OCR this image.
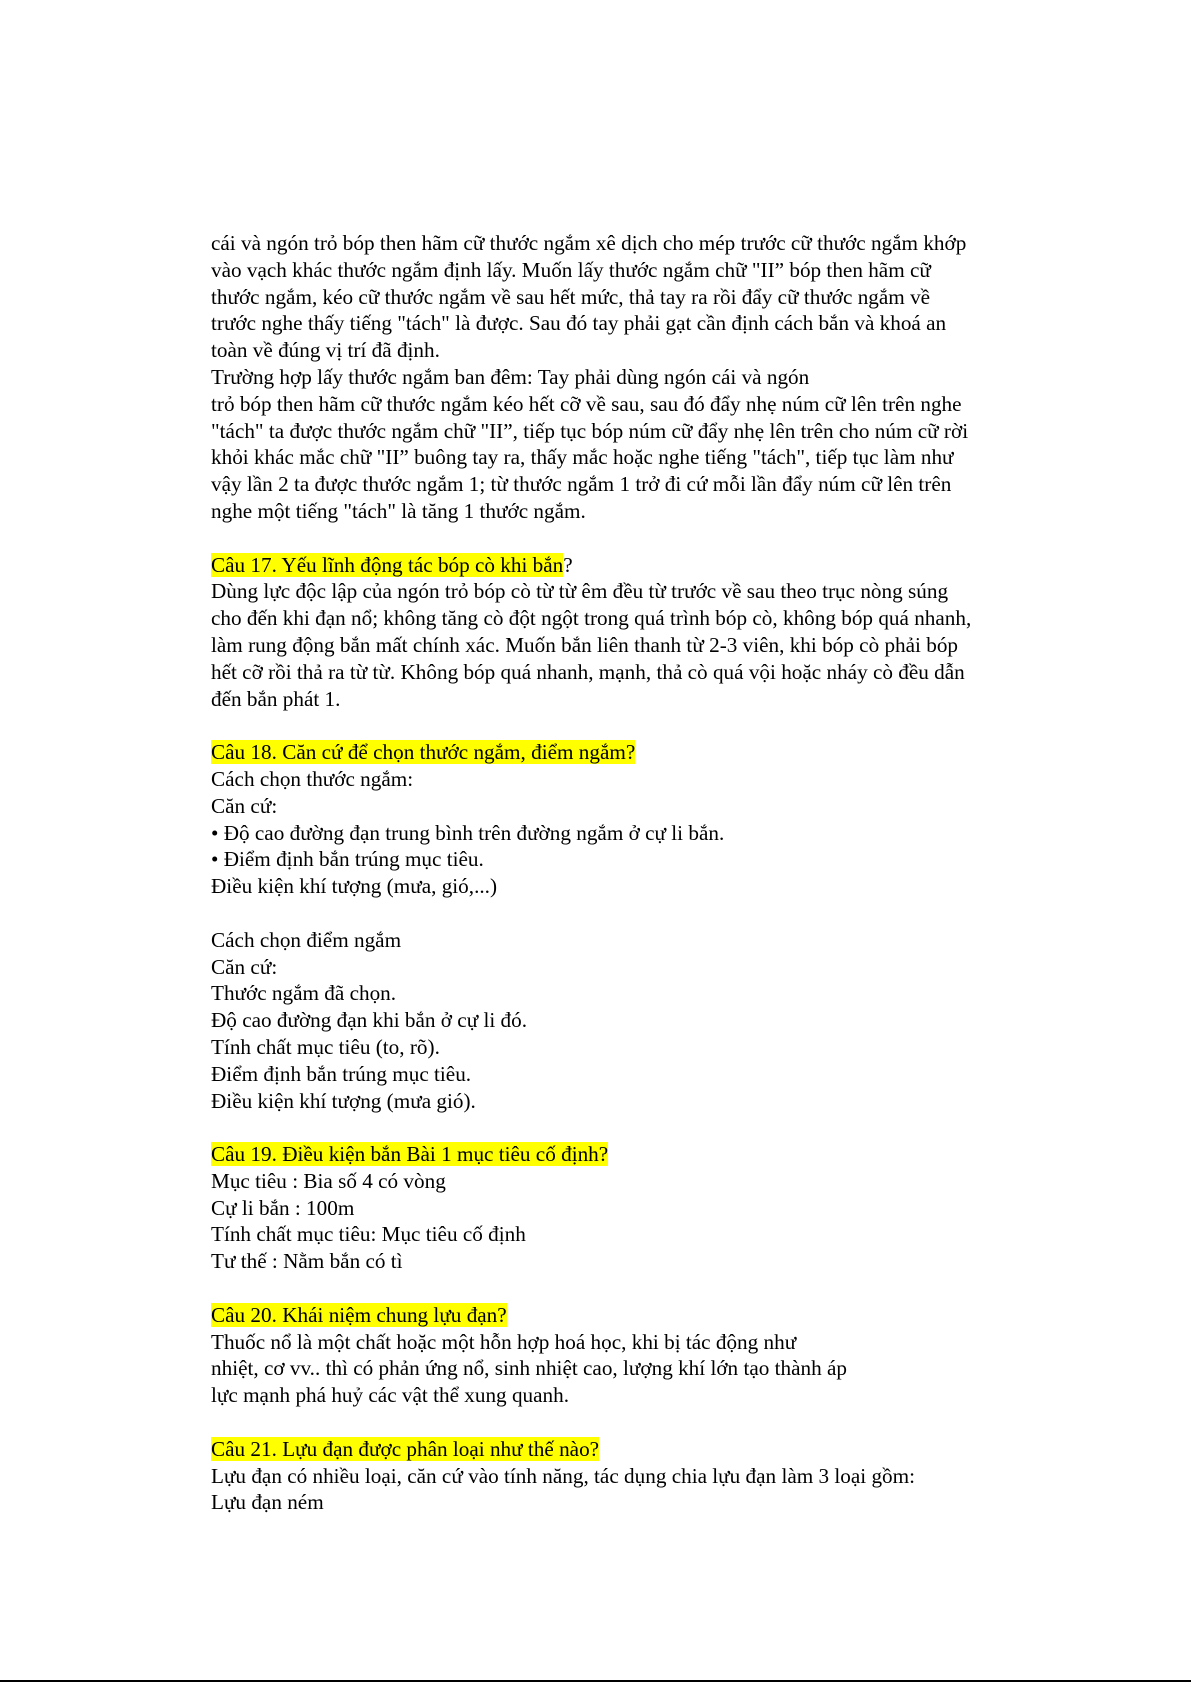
cái và ngón trỏ bóp then hãm cữ thước ngắm xê dịch cho mép trước cữ thước ngắm khớp
vào vạch khác thước ngắm định lấy. Muốn lấy thước ngắm chữ "II” bóp then hãm cữ
thước ngắm, kéo cữ thước ngắm về sau hết mức, thả tay ra rồi đẩy cữ thước ngắm về
trước nghe thấy tiếng "tách" là được. Sau đó tay phải gạt cần định cách bắn và khoá an
toàn về đúng vị trí đã định.
Trường hợp lấy thước ngắm ban đêm: Tay phải dùng ngón cái và ngón
trỏ bóp then hãm cữ thước ngắm kéo hết cỡ về sau, sau đó đẩy nhẹ núm cữ lên trên nghe
"tách" ta được thước ngắm chữ "II”, tiếp tục bóp núm cữ đẩy nhẹ lên trên cho núm cữ rời
khỏi khác mắc chữ "II” buông tay ra, thấy mắc hoặc nghe tiếng "tách", tiếp tục làm như
vậy lần 2 ta được thước ngắm 1; từ thước ngắm 1 trở đi cứ mỗi lần đẩy núm cữ lên trên
nghe một tiếng "tách" là tăng 1 thước ngắm.
Câu 17. Yếu lĩnh động tác bóp cò khi bắn?
Dùng lực độc lập của ngón trỏ bóp cò từ từ êm đều từ trước về sau theo trục nòng súng
cho đến khi đạn nổ; không tăng cò đột ngột trong quá trình bóp cò, không bóp quá nhanh,
làm rung động bắn mất chính xác. Muốn bắn liên thanh từ 2-3 viên, khi bóp cò phải bóp
hết cỡ rồi thả ra từ từ. Không bóp quá nhanh, mạnh, thả cò quá vội hoặc nháy cò đều dẫn
đến bắn phát 1.
Câu 18. Căn cứ để chọn thước ngắm, điểm ngắm?
Cách chọn thước ngắm:
Căn cứ:
• Độ cao đường đạn trung bình trên đường ngắm ở cự li bắn.
• Điểm định bắn trúng mục tiêu.
Điều kiện khí tượng (mưa, gió,...)
Cách chọn điểm ngắm
Căn cứ:
Thước ngắm đã chọn.
Độ cao đường đạn khi bắn ở cự li đó.
Tính chất mục tiêu (to, rõ).
Điểm định bắn trúng mục tiêu.
Điều kiện khí tượng (mưa gió).
Câu 19. Điều kiện bắn Bài 1 mục tiêu cố định?
Mục tiêu : Bia số 4 có vòng
Cự li bắn : 100m
Tính chất mục tiêu: Mục tiêu cố định
Tư thế : Nằm bắn có tì
Câu 20. Khái niệm chung lựu đạn?
Thuốc nổ là một chất hoặc một hỗn hợp hoá học, khi bị tác động như
nhiệt, cơ vv.. thì có phản ứng nổ, sinh nhiệt cao, lượng khí lớn tạo thành áp
lực mạnh phá huỷ các vật thể xung quanh.
Câu 21. Lựu đạn được phân loại như thế nào?
Lựu đạn có nhiều loại, căn cứ vào tính năng, tác dụng chia lựu đạn làm 3 loại gồm:
Lựu đạn ném
